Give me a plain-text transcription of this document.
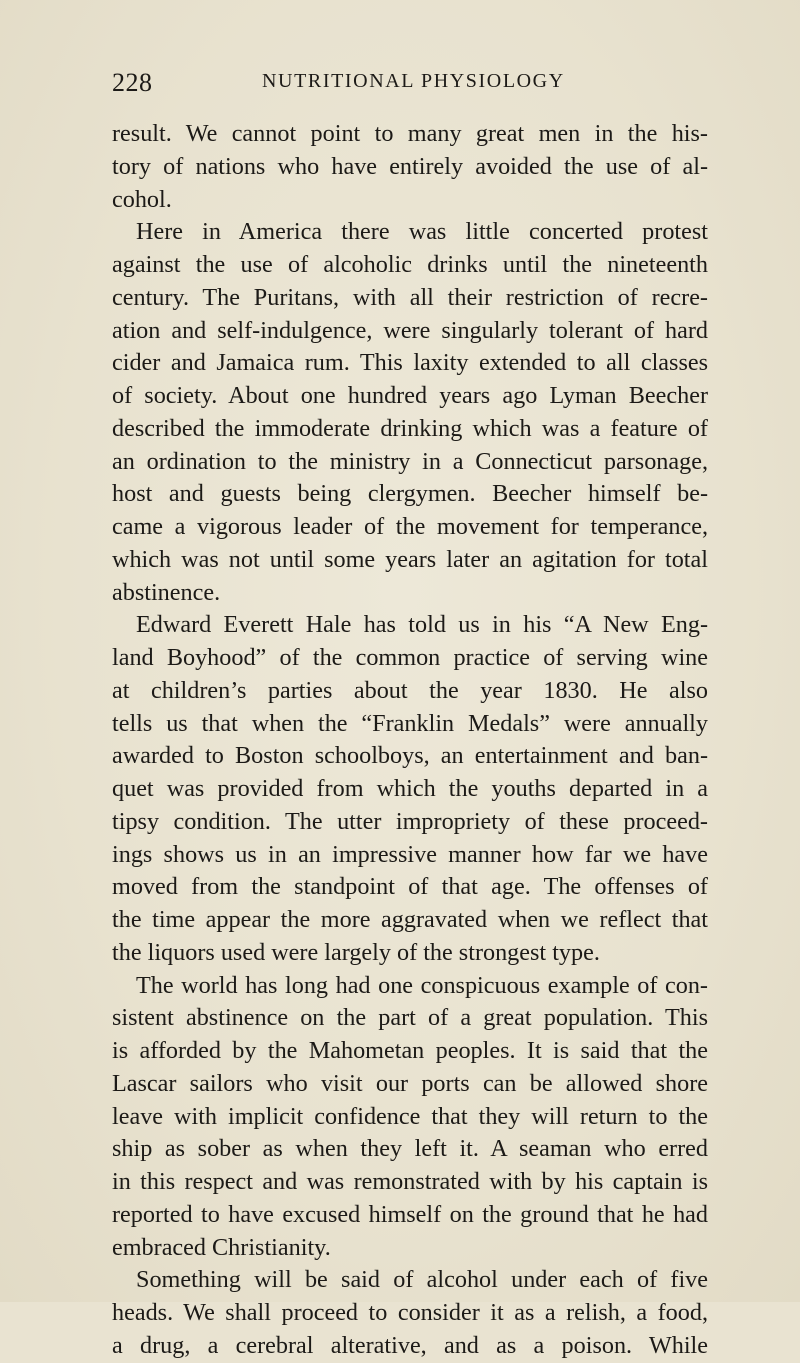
228	NUTRITIONAL PHYSIOLOGY
result. We cannot point to many great men in the his-
tory of nations who have entirely avoided the use of al-
cohol.
Here in America there was little concerted protest
against the use of alcoholic drinks until the nineteenth
century. The Puritans, with all their restriction of recre-
ation and self-indulgence, were singularly tolerant of hard
cider and Jamaica rum. This laxity extended to all classes
of society. About one hundred years ago Lyman Beecher
described the immoderate drinking which was a feature of
an ordination to the ministry in a Connecticut parsonage,
host and guests being clergymen. Beecher himself be-
came a vigorous leader of the movement for temperance,
which was not until some years later an agitation for total
abstinence.
Edward Everett Hale has told us in his “A New Eng-
land Boyhood” of the common practice of serving wine
at children’s parties about the year 1830. He also
tells us that when the “Franklin Medals” were annually
awarded to Boston schoolboys, an entertainment and ban-
quet was provided from which the youths departed in a
tipsy condition. The utter impropriety of these proceed-
ings shows us in an impressive manner how far we have
moved from the standpoint of that age. The offenses of
the time appear the more aggravated when we reflect that
the liquors used were largely of the strongest type.
The world has long had one conspicuous example of con-
sistent abstinence on the part of a great population. This
is afforded by the Mahometan peoples. It is said that the
Lascar sailors who visit our ports can be allowed shore
leave with implicit confidence that they will return to the
ship as sober as when they left it. A seaman who erred
in this respect and was remonstrated with by his captain is
reported to have excused himself on the ground that he had
embraced Christianity.
Something will be said of alcohol under each of five
heads. We shall proceed to consider it as a relish, a food,
a drug, a cerebral alterative, and as a poison. While
